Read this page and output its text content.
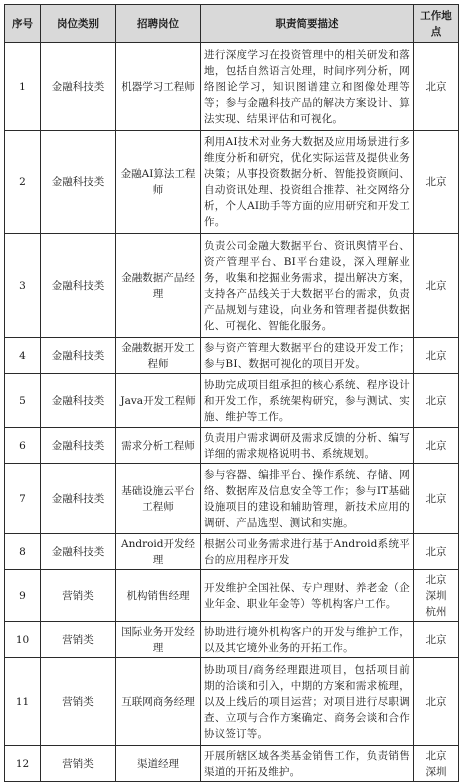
序号	岗位类别	招聘岗位	职责简要描述	工作地点
1	金融科技类	机器学习工程师	进行深度学习在投资管理中的相关研发和落地，包括自然语言处理，时间序列分析，网络图论学习，知识图谱建立和图像处理等等；参与金融科技产品的解决方案设计、算法实现、结果评估和可视化。	北京
2	金融科技类	金融AI算法工程师	利用AI技术对业务大数据及应用场景进行多维度分析和研究，优化实际运营及提供业务决策；从事投资数据分析、智能投资顾问、自动资讯处理、投资组合推荐、社交网络分析，个人AI助手等方面的应用研究和开发工作。	北京
3	金融科技类	金融数据产品经理	负责公司金融大数据平台、资讯舆情平台、资产管理平台、BI平台建设，深入理解业务，收集和挖掘业务需求，提出解决方案，支持各产品线关于大数据平台的需求，负责产品规划与建设，向业务和管理者提供数据化、可视化、智能化服务。	北京
4	金融科技类	金融数据开发工程师	参与资产管理大数据平台的建设开发工作；参与BI、数据可视化的项目开发。	北京
5	金融科技类	Java开发工程师	协助完成项目组承担的核心系统、程序设计和开发工作，系统架构研究，参与测试、实施、维护等工作。	北京
6	金融科技类	需求分析工程师	负责用户需求调研及需求反馈的分析、编写详细的需求规格说明书、系统规划。	北京
7	金融科技类	基础设施云平台工程师	参与容器、编排平台、操作系统、存储、网络、数据库及信息安全等工作；参与IT基础设施项目的建设和辅助管理，新技术应用的调研、产品选型、测试和实施。	北京
8	金融科技类	Android开发经理	根据公司业务需求进行基于Android系统平台的应用程序开发	北京
9	营销类	机构销售经理	开发维护全国社保、专户理财、养老金（企业年金、职业年金等）等机构客户工作。	北京
深圳
杭州
10	营销类	国际业务开发经理	协助进行境外机构客户的开发与维护工作，以及其它境外业务的开拓工作。	北京
11	营销类	互联网商务经理	协助项目/商务经理跟进项目，包括项目前期的洽谈和引入，中期的方案和需求梳理，以及上线后的项目运营；对项目进行尽职调查、立项与合作方案确定、商务会谈和合作协议签订等。	北京
12	营销类	渠道经理	开展所辖区域各类基金销售工作，负责销售渠道的开拓及维护。	北京
深圳
